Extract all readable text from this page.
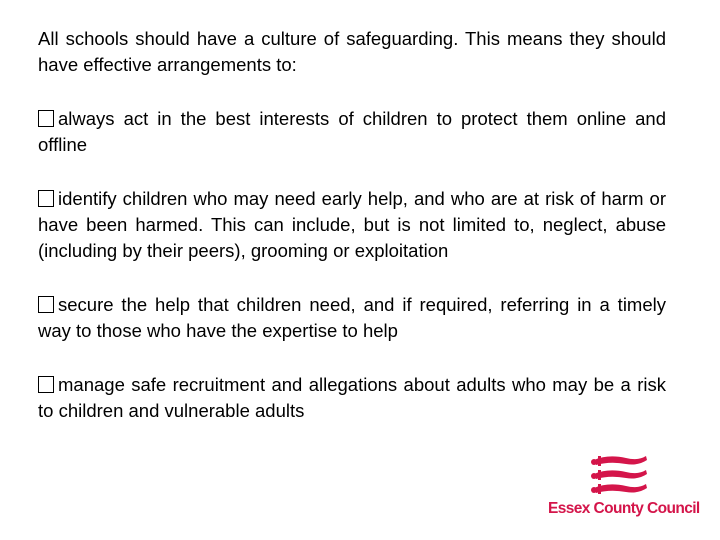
All schools should have a culture of safeguarding. This means they should have effective arrangements to:

always act in the best interests of children to protect them online and offline

identify children who may need early help, and who are at risk of harm or have been harmed. This can include, but is not limited to, neglect, abuse (including by their peers), grooming or exploitation

secure the help that children need, and if required, referring in a timely way to those who have the expertise to help

manage safe recruitment and allegations about adults who may be a risk to children and vulnerable adults

Essex County Council
